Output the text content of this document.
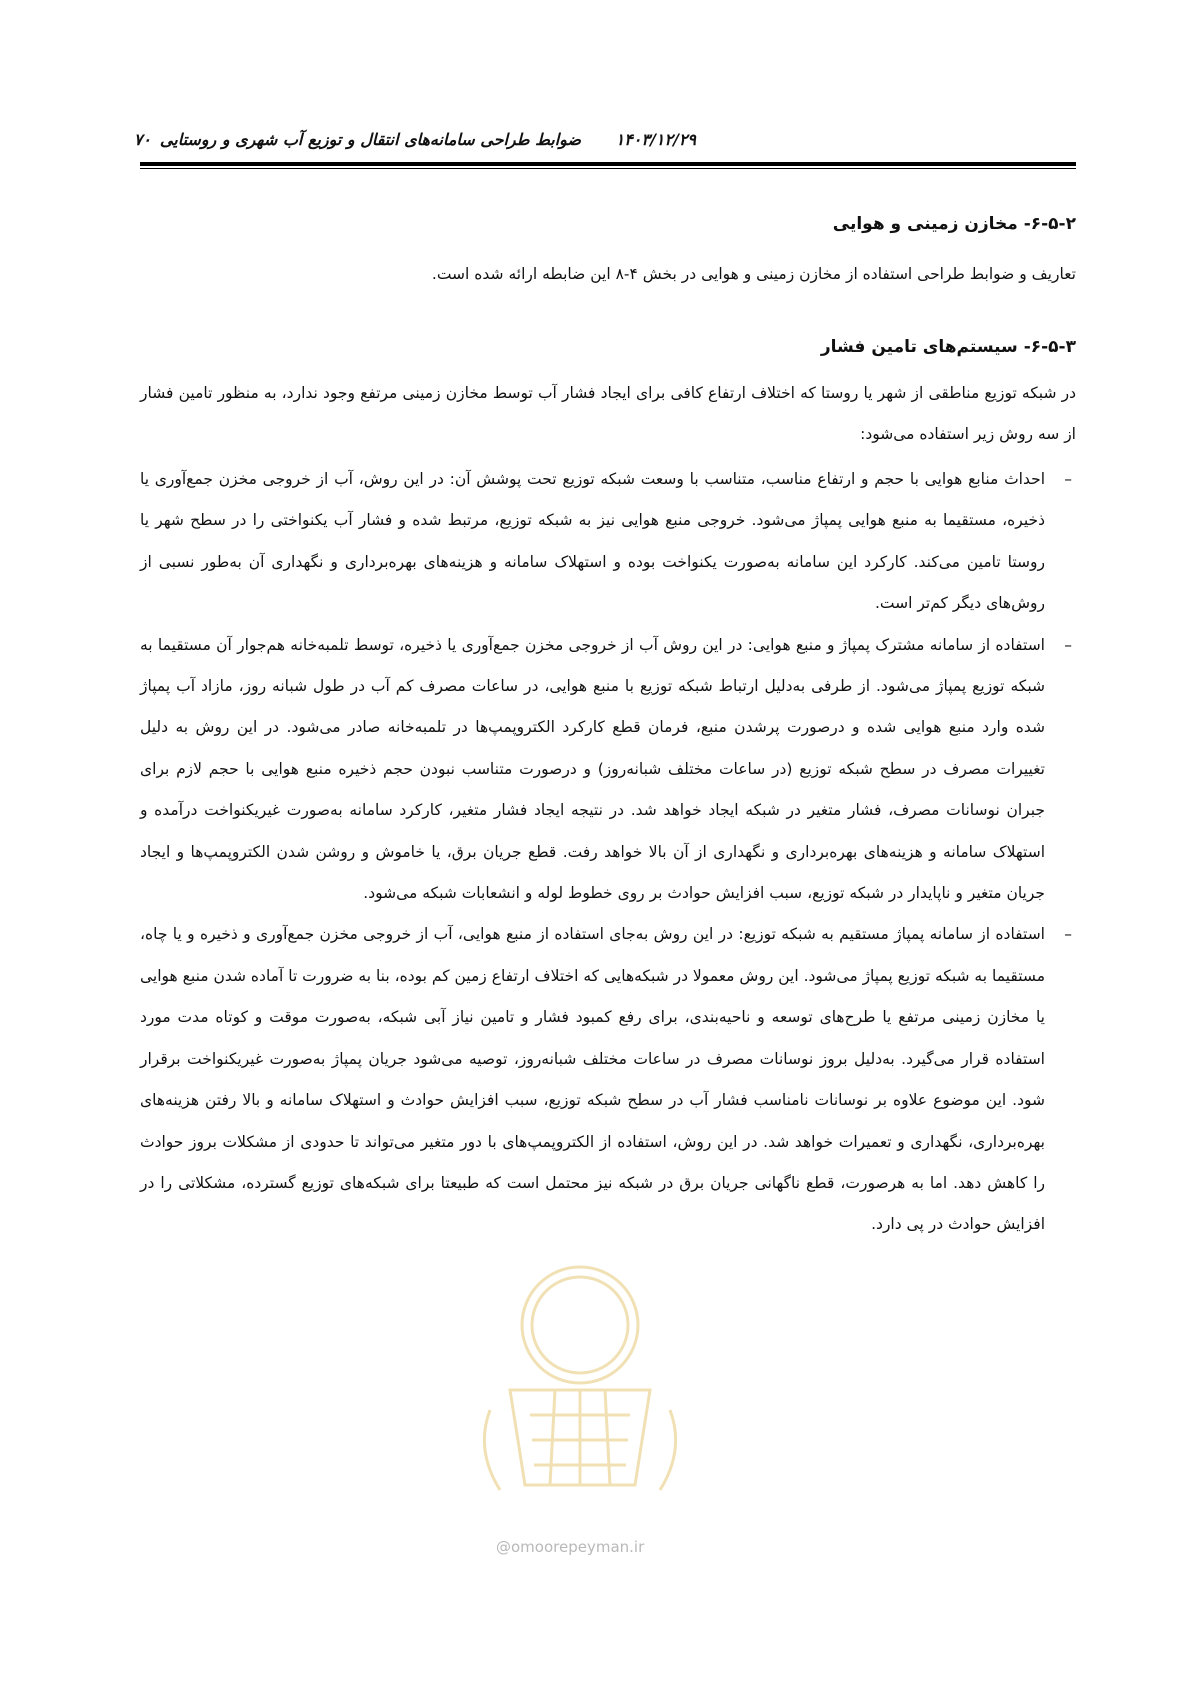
ضوابط طراحی سامانه‌های انتقال و توزیع آب شهری و روستایی ۱۴۰۳/۱۲/۲۹
۷۰
۶-۵-۲- مخازن زمینی و هوایی

تعاریف و ضوابط طراحی استفاده از مخازن زمینی و هوایی در بخش ۴-۸ این ضابطه ارائه شده است.

۶-۵-۳- سیستم‌های تامین فشار

در شبکه توزیع مناطقی از شهر یا روستا که اختلاف ارتفاع کافی برای ایجاد فشار آب توسط مخازن زمینی مرتفع وجود ندارد، به منظور تامین فشار از سه روش زیر استفاده می‌شود:

–
احداث منابع هوایی با حجم و ارتفاع مناسب، متناسب با وسعت شبکه توزیع تحت پوشش آن: در این روش، آب از خروجی مخزن جمع‌آوری یا ذخیره، مستقیما به منبع هوایی پمپاژ می‌شود. خروجی منبع هوایی نیز به شبکه توزیع، مرتبط شده و فشار آب یکنواختی را در سطح شهر یا روستا تامین می‌کند. کارکرد این سامانه به‌صورت یکنواخت بوده و استهلاک سامانه و هزینه‌های بهره‌برداری و نگهداری آن به‌طور نسبی از روش‌های دیگر کم‌تر است.
–
استفاده از سامانه مشترک پمپاژ و منبع هوایی: در این روش آب از خروجی مخزن جمع‌آوری یا ذخیره، توسط تلمبه‌خانه هم‌جوار آن مستقیما به شبکه توزیع پمپاژ می‌شود. از طرفی به‌دلیل ارتباط شبکه توزیع با منبع هوایی، در ساعات مصرف کم آب در طول شبانه روز، مازاد آب پمپاژ شده وارد منبع هوایی شده و درصورت پرشدن منبع، فرمان قطع کارکرد الکتروپمپ‌ها در تلمبه‌خانه صادر می‌شود. در این روش به دلیل تغییرات مصرف در سطح شبکه توزیع (در ساعات مختلف شبانه‌روز) و درصورت متناسب نبودن حجم ذخیره منبع هوایی با حجم لازم برای جبران نوسانات مصرف، فشار متغیر در شبکه ایجاد خواهد شد. در نتیجه ایجاد فشار متغیر، کارکرد سامانه به‌صورت غیریکنواخت درآمده و استهلاک سامانه و هزینه‌های بهره‌برداری و نگهداری از آن بالا خواهد رفت. قطع جریان برق، یا خاموش و روشن شدن الکتروپمپ‌ها و ایجاد جریان متغیر و ناپایدار در شبکه توزیع، سبب افزایش حوادث بر روی خطوط لوله و انشعابات شبکه می‌شود.
–
استفاده از سامانه پمپاژ مستقیم به شبکه توزیع: در این روش به‌جای استفاده از منبع هوایی، آب از خروجی مخزن جمع‌آوری و ذخیره و یا چاه، مستقیما به شبکه توزیع پمپاژ می‌شود. این روش معمولا در شبکه‌هایی که اختلاف ارتفاع زمین کم بوده، بنا به ضرورت تا آماده شدن منبع هوایی یا مخازن زمینی مرتفع یا طرح‌های توسعه و ناحیه‌بندی، برای رفع کمبود فشار و تامین نیاز آبی شبکه، به‌صورت موقت و کوتاه مدت مورد استفاده قرار می‌گیرد. به‌دلیل بروز نوسانات مصرف در ساعات مختلف شبانه‌روز، توصیه می‌شود جریان پمپاژ به‌صورت غیریکنواخت برقرار شود. این موضوع علاوه بر نوسانات نامناسب فشار آب در سطح شبکه توزیع، سبب افزایش حوادث و استهلاک سامانه و بالا رفتن هزینه‌های بهره‌برداری، نگهداری و تعمیرات خواهد شد. در این روش، استفاده از الکتروپمپ‌های با دور متغیر می‌تواند تا حدودی از مشکلات بروز حوادث را کاهش دهد. اما به هرصورت، قطع ناگهانی جریان برق در شبکه نیز محتمل است که طبیعتا برای شبکه‌های توزیع گسترده، مشکلاتی را در افزایش حوادث در پی دارد.
@omoorepeyman.ir
